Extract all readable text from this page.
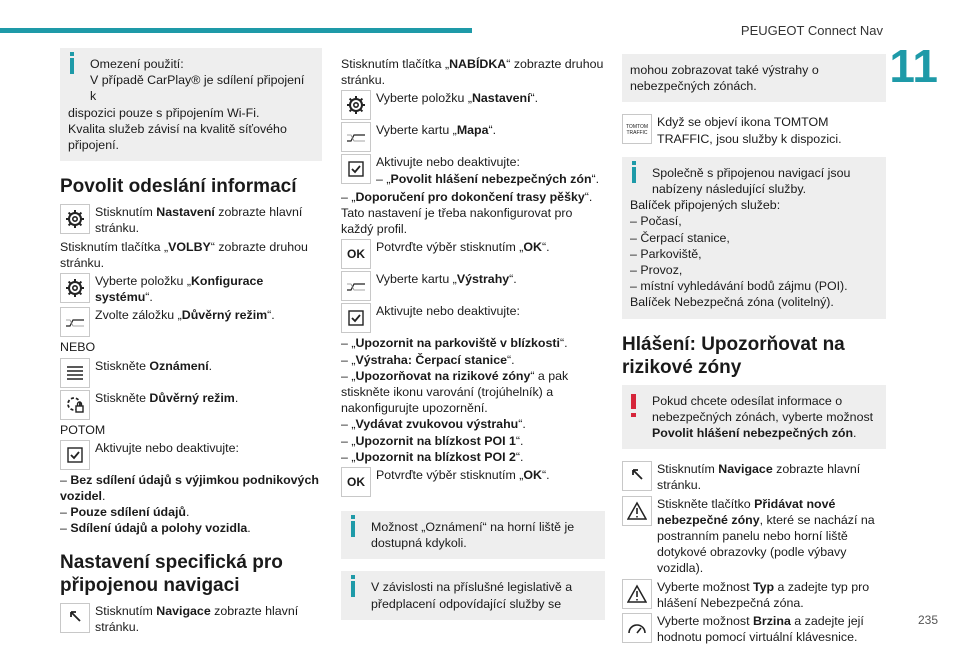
PEUGEOT Connect Nav
11
235

Omezení použití:

V případě CarPlay® je sdílení připojení k

dispozici pouze s připojením Wi-Fi.

Kvalita služeb závisí na kvalitě síťového

připojení.

Povolit odeslání informací
Stisknutím Nastavení zobrazte hlavní stránku.

Stisknutím tlačítka „VOLBY“ zobrazte druhou stránku.

Vyberte položku „Konfigurace systému“.
Zvolte záložku „Důvěrný režim“.

NEBO

Stiskněte Oznámení.
Stiskněte Důvěrný režim.

POTOM

Aktivujte nebo deaktivujte:

– Bez sdílení údajů s výjimkou podnikových vozidel.

– Pouze sdílení údajů.

– Sdílení údajů a polohy vozidla.

Nastavení specifická pro připojenou navigaci
Stisknutím Navigace zobrazte hlavní stránku.

Stisknutím tlačítka „NABÍDKA“ zobrazte druhou stránku.

Vyberte položku „Nastavení“.
Vyberte kartu „Mapa“.
Aktivujte nebo deaktivujte:
– „Povolit hlášení nebezpečných zón“.

– „Doporučení pro dokončení trasy pěšky“.

Tato nastavení je třeba nakonfigurovat pro každý profil.

OK Potvrďte výběr stisknutím „OK“.
Vyberte kartu „Výstrahy“.
Aktivujte nebo deaktivujte:

– „Upozornit na parkoviště v blízkosti“.

– „Výstraha: Čerpací stanice“.

– „Upozorňovat na rizikové zóny“ a pak stiskněte ikonu varování (trojúhelník) a nakonfigurujte upozornění.

– „Vydávat zvukovou výstrahu“.

– „Upozornit na blízkost POI 1“.

– „Upozornit na blízkost POI 2“.

OK Potvrďte výběr stisknutím „OK“.

Možnost „Oznámení“ na horní liště je dostupná kdykoli.

V závislosti na příslušné legislativě a předplacení odpovídající služby se

mohou zobrazovat také výstrahy o nebezpečných zónách.

TOMTOM TRAFFIC
Když se objeví ikona TOMTOM TRAFFIC, jsou služby k dispozici.

Společně s připojenou navigací jsou nabízeny následující služby.

Balíček připojených služeb:

– Počasí,

– Čerpací stanice,

– Parkoviště,

– Provoz,

– místní vyhledávání bodů zájmu (POI).

Balíček Nebezpečná zóna (volitelný).

Hlášení: Upozorňovat na rizikové zóny

Pokud chcete odesílat informace o nebezpečných zónách, vyberte možnost Povolit hlášení nebezpečných zón.

Stisknutím Navigace zobrazte hlavní stránku.
Stiskněte tlačítko Přidávat nové nebezpečné zóny, které se nachází na postranním panelu nebo horní liště dotykové obrazovky (podle výbavy vozidla).
Vyberte možnost Typ a zadejte typ pro hlášení Nebezpečná zóna.
Vyberte možnost Brzina a zadejte její hodnotu pomocí virtuální klávesnice.
